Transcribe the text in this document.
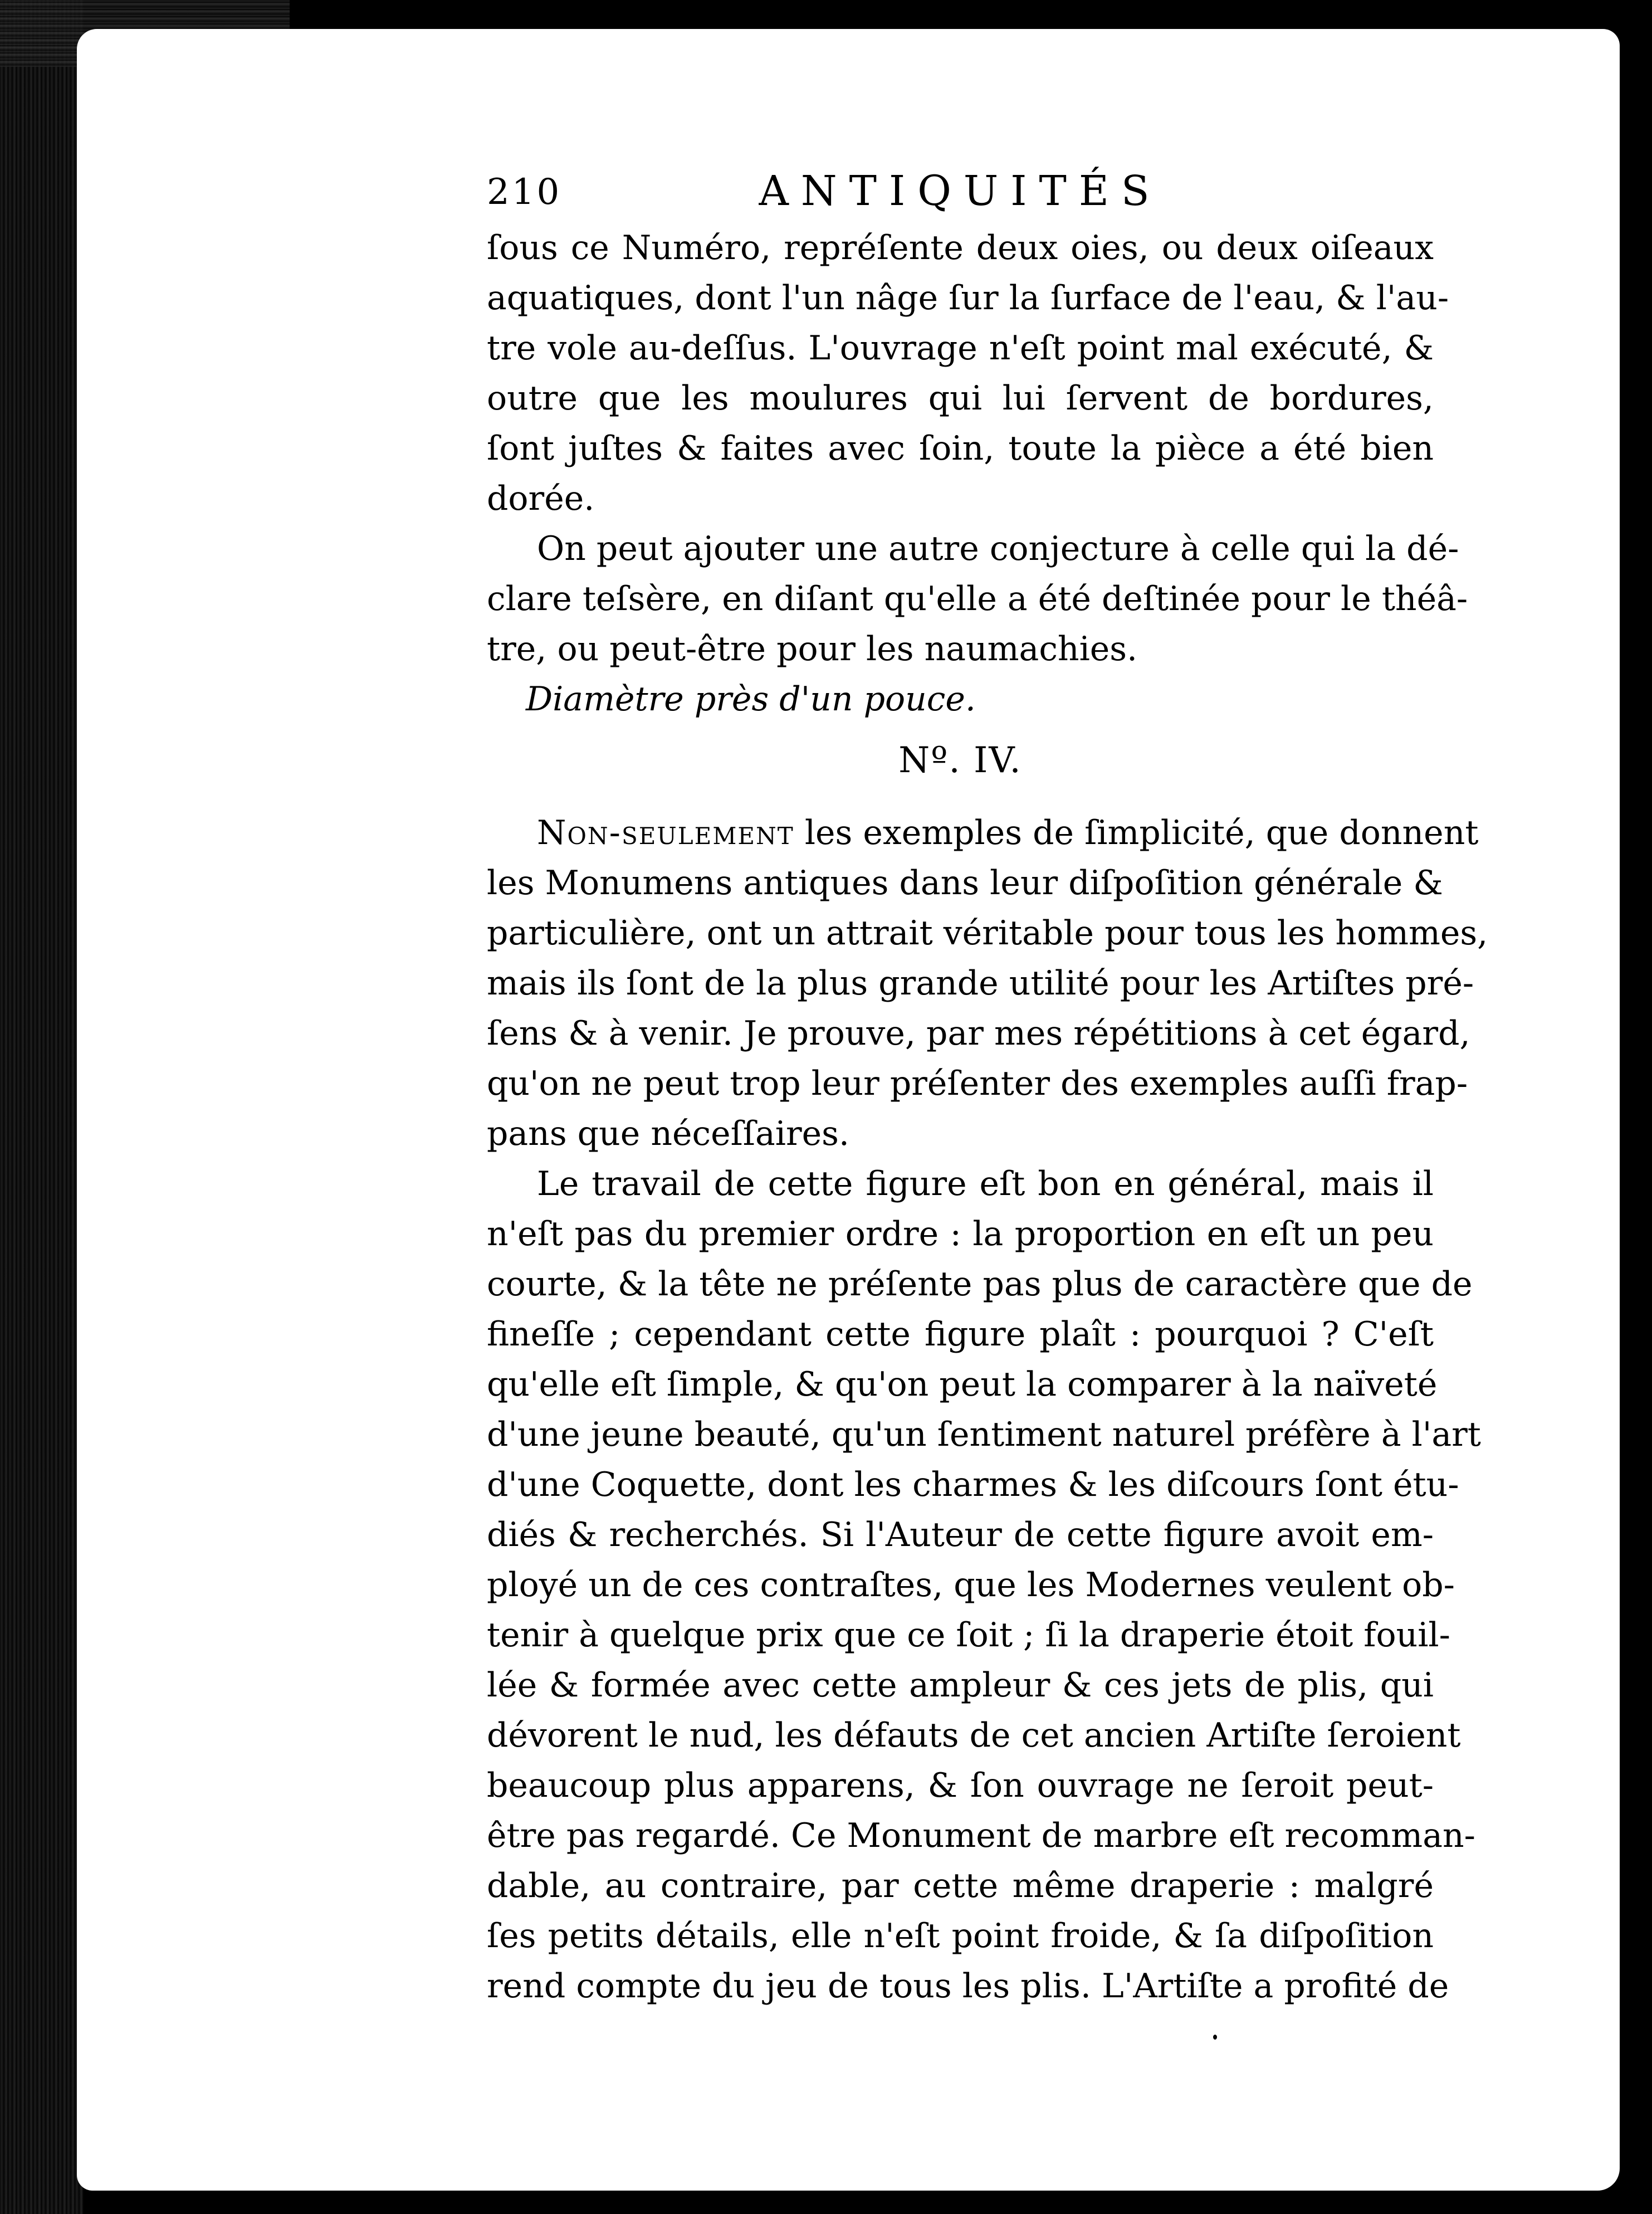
210	ANTIQUITÉS

ſous ce Numéro, repréſente deux oies, ou deux oiſeaux
aquatiques, dont l'un nâge ſur la ſurface de l'eau, & l'au-
tre vole au-deſſus. L'ouvrage n'eſt point mal exécuté, &
outre que les moulures qui lui ſervent de bordures,
ſont juſtes & faites avec ſoin, toute la pièce a été bien
dorée.

On peut ajouter une autre conjecture à celle qui la dé-
clare teſsère, en diſant qu'elle a été deſtinée pour le théâ-
tre, ou peut-être pour les naumachies.

Diamètre près d'un pouce.

Nº. IV.

Non-seulement les exemples de ſimplicité, que donnent
les Monumens antiques dans leur diſpoſition générale &
particulière, ont un attrait véritable pour tous les hommes,
mais ils ſont de la plus grande utilité pour les Artiſtes pré-
ſens & à venir. Je prouve, par mes répétitions à cet égard,
qu'on ne peut trop leur préſenter des exemples auſſi frap-
pans que néceſſaires.

Le travail de cette figure eſt bon en général, mais il
n'eſt pas du premier ordre : la proportion en eſt un peu
courte, & la tête ne préſente pas plus de caractère que de
fineſſe ; cependant cette figure plaît : pourquoi ? C'eſt
qu'elle eſt ſimple, & qu'on peut la comparer à la naïveté
d'une jeune beauté, qu'un ſentiment naturel préfère à l'art
d'une Coquette, dont les charmes & les diſcours ſont étu-
diés & recherchés. Si l'Auteur de cette figure avoit em-
ployé un de ces contraſtes, que les Modernes veulent ob-
tenir à quelque prix que ce ſoit ; ſi la draperie étoit fouil-
lée & formée avec cette ampleur & ces jets de plis, qui
dévorent le nud, les défauts de cet ancien Artiſte ſeroient
beaucoup plus apparens, & ſon ouvrage ne ſeroit peut-
être pas regardé. Ce Monument de marbre eſt recomman-
dable, au contraire, par cette même draperie : malgré
ſes petits détails, elle n'eſt point froide, & ſa diſpoſition
rend compte du jeu de tous les plis. L'Artiſte a profité de
